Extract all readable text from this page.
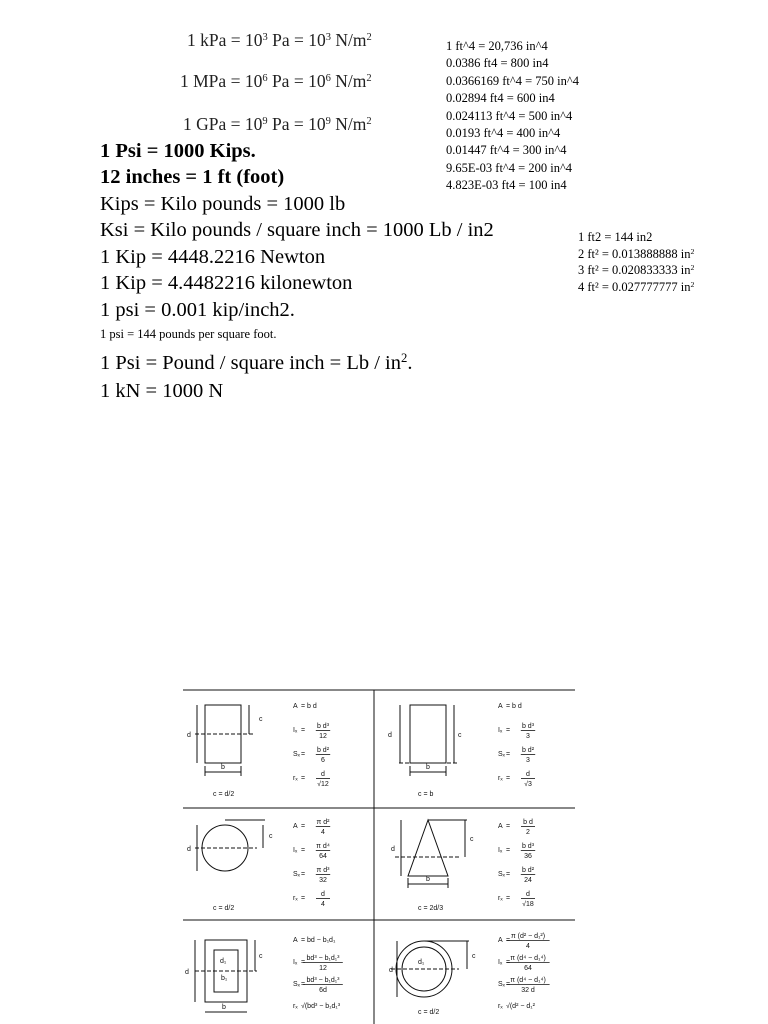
1 kPa = $10^3$ $Pa = 10^3$ $N/m^2$
1 MPa = $10^6$ $Pa = 10^6$ $N/m^2$
1 GPa = $10^9$ $Pa = 10^9$ $N/m^2$
1 ft^4 = 20,736 in^4
0.0386 ft4 = 800 in4
0.0366169 ft^4 = 750 in^4
0.02894 ft4 = 600 in4
0.024113 ft^4 = 500 in^4
0.0193 ft^4 = 400 in^4
0.01447 ft^4 = 300 in^4
9.65E-03 ft^4 = 200 in^4
4.823E-03 ft4 = 100 in4
1 ft2 = 144 in2
2 ft² = 0.013888888 $in^2$
3 ft² = 0.020833333 $in^2$
4 ft² = 0.027777777 $in^2$
1 Psi = 1000 Kips.
12 inches = 1 ft (foot)
Kips = Kilo pounds = 1000 lb
Ksi = Kilo pounds / square inch = 1000 Lb / in2
1 Kip = 4448.2216 Newton
1 Kip = 4.4482216 kilonewton
1 psi = 0.001 kip/inch2.
1 psi = 144 pounds per square foot.
1 Psi = Pound / square inch = Lb / $in^2$.
1 kN = 1000 N
d
c
b
d	c
b
d
c
d
c
b
d
c
d₁
b₁
b
d
c
d₁
A = b d
Iₓ
b d³
12
=
Sₓ
b d²
6
=
rₓ
d
√12
=
c = d/2
A = b d
Iₓ
b d³
3
=
Sₓ
b d²
3
=
rₓ
d
√3
=
c = b
A
π d²
4
=
Iₓ
π d⁴
64
=
Sₓ
π d³
32
=
rₓ
d
4
=
c = d/2
A
b d
2
=
Iₓ
b d³
36
=
Sₓ
b d²
24
=
rₓ
d
√18
=
c = 2d/3
A = bd − b₁d₁
Iₓ
bd³ − b₁d₁³
12
=
Sₓ
bd³ − b₁d₁³
6d
=
rₓ √(bd³ − b₁d₁³
A
π (d² − d₁²)
4
=
Iₓ
π (d⁴ − d₁⁴)
64
=
Sₓ
π (d⁴ − d₁⁴)
32 d
=
rₓ √(d² − d₁²
c = d/2
